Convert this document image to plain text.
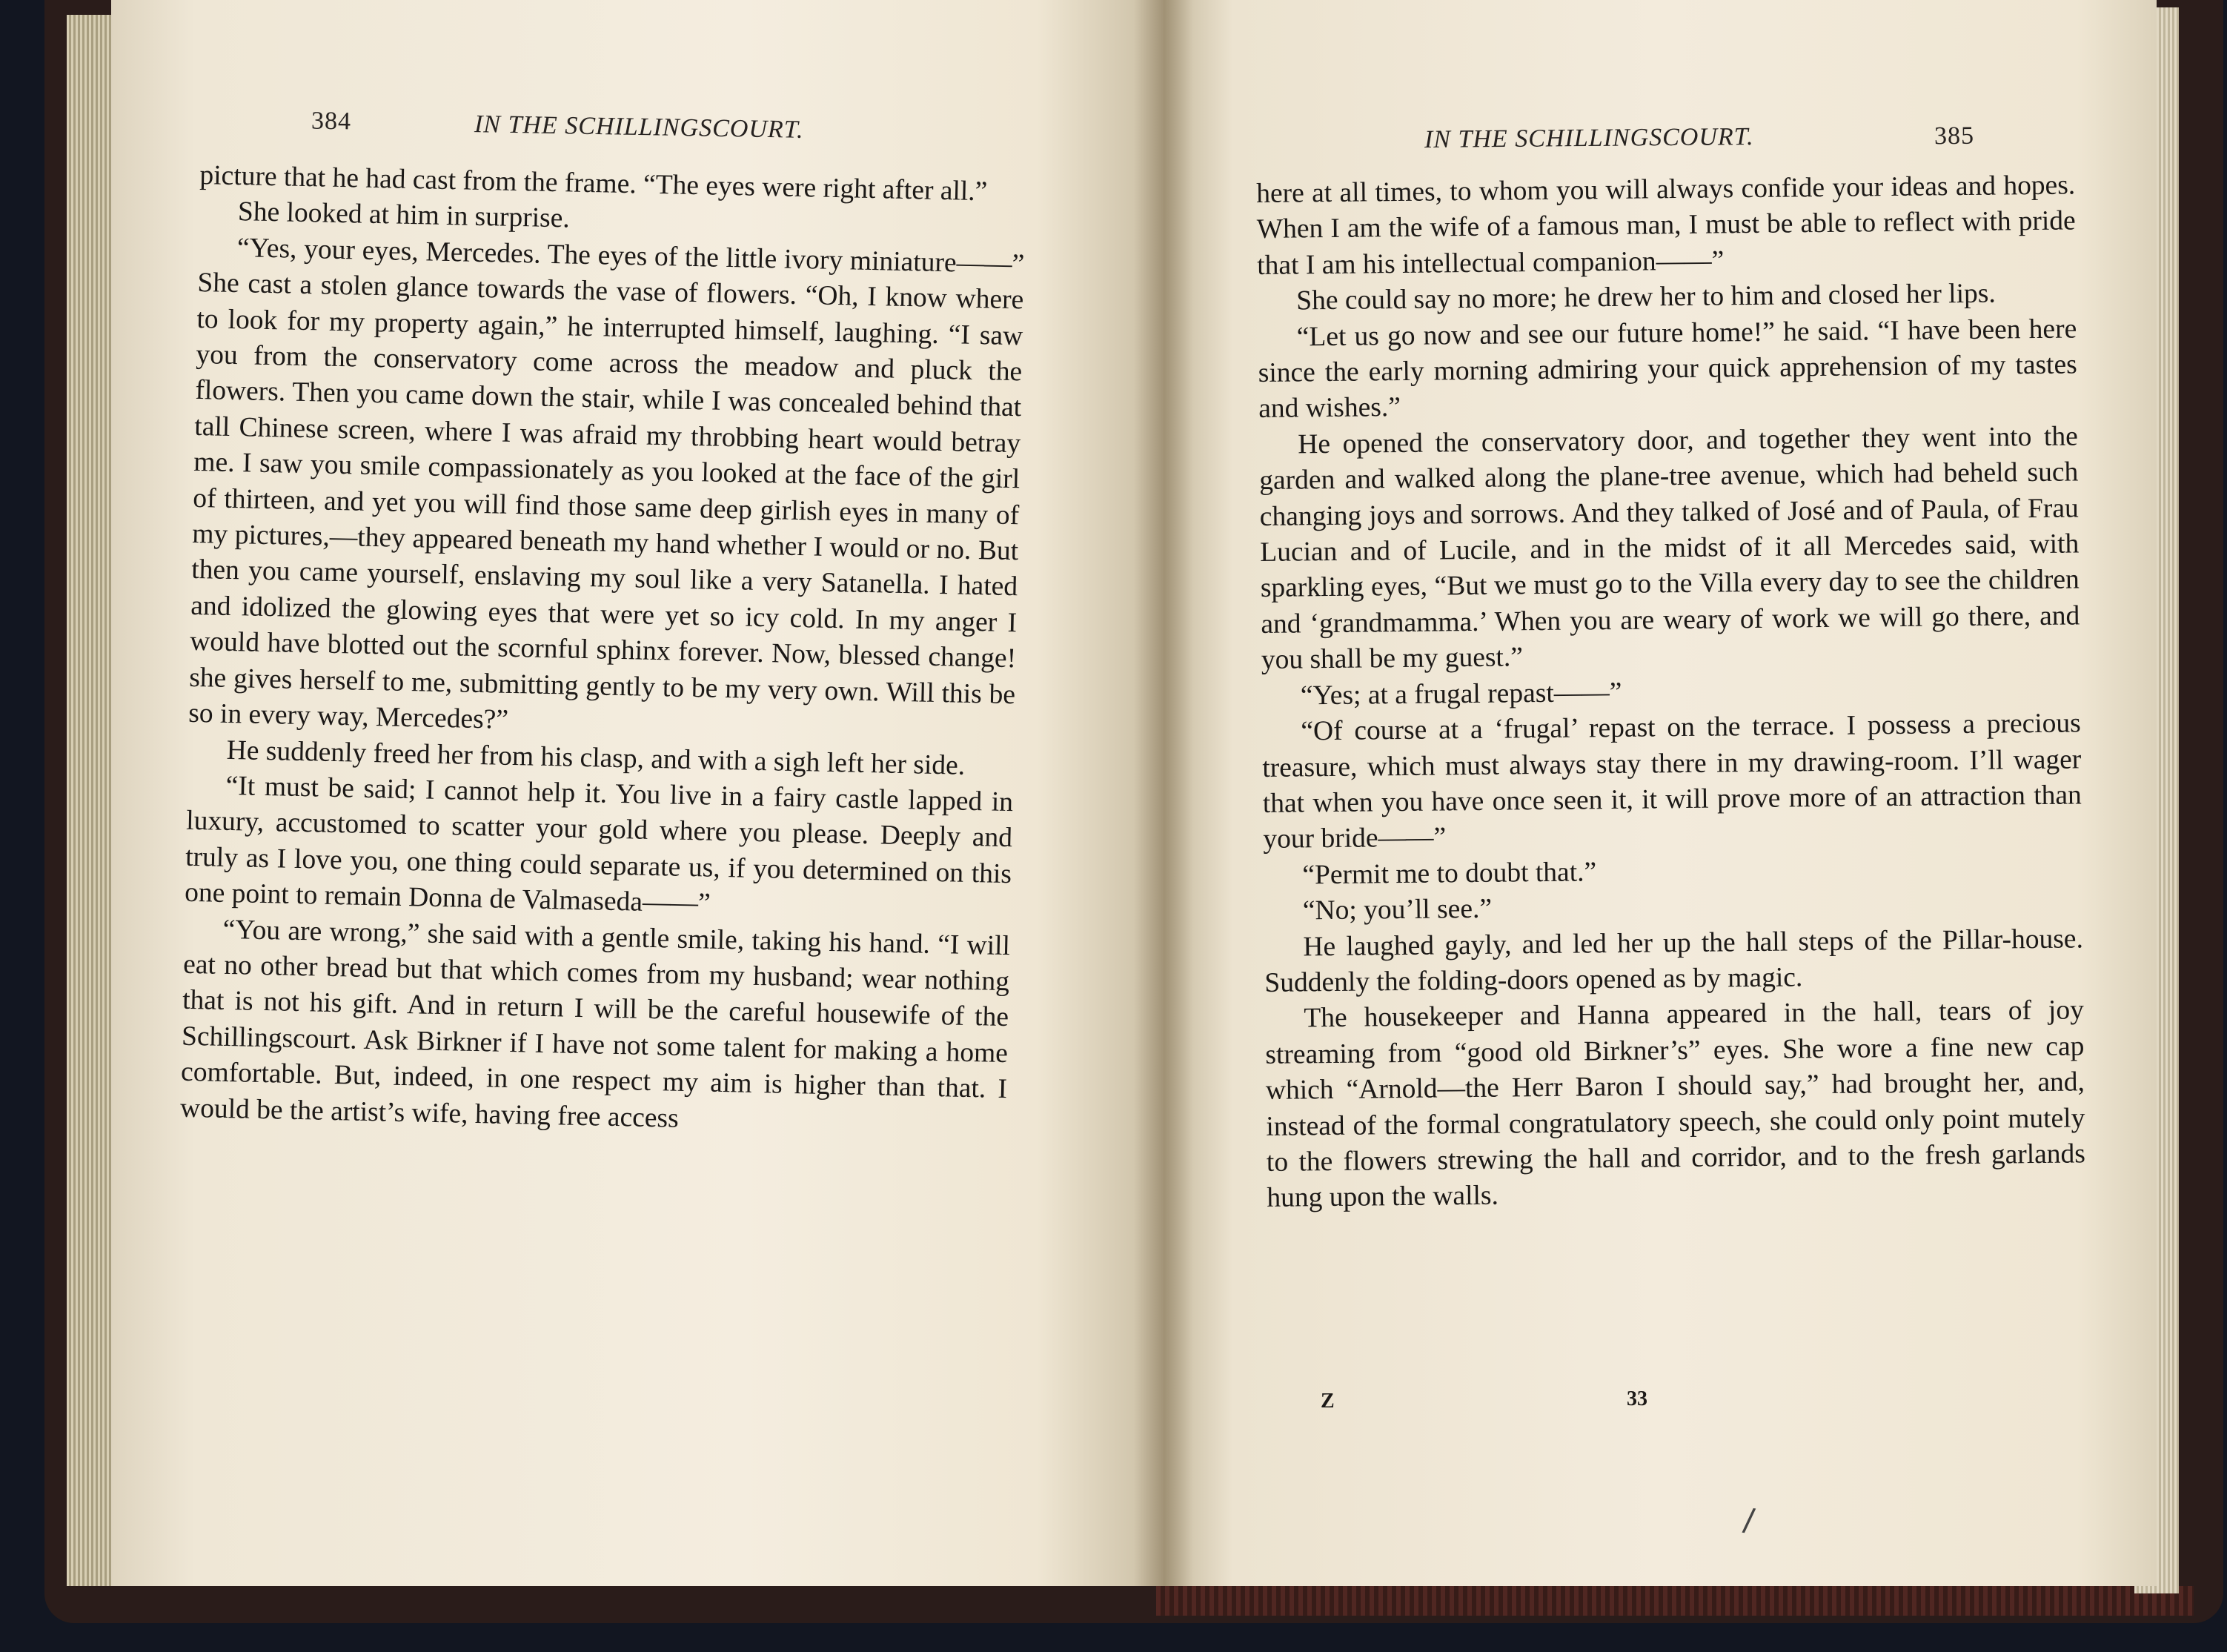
384	IN THE SCHILLINGSCOURT.	IN THE SCHILLINGSCOURT.	385

picture that he had cast from the frame. “The eyes were right after all.”

She looked at him in surprise.

“Yes, your eyes, Mercedes. The eyes of the little ivory miniature——” She cast a stolen glance towards the vase of flowers. “Oh, I know where to look for my property again,” he interrupted himself, laughing. “I saw you from the conservatory come across the meadow and pluck the flowers. Then you came down the stair, while I was concealed behind that tall Chinese screen, where I was afraid my throbbing heart would betray me. I saw you smile compassionately as you looked at the face of the girl of thirteen, and yet you will find those same deep girlish eyes in many of my pictures,—they appeared beneath my hand whether I would or no. But then you came yourself, enslaving my soul like a very Satanella. I hated and idolized the glowing eyes that were yet so icy cold. In my anger I would have blotted out the scornful sphinx forever. Now, blessed change! she gives herself to me, submitting gently to be my very own. Will this be so in every way, Mercedes?”

He suddenly freed her from his clasp, and with a sigh left her side.

“It must be said; I cannot help it. You live in a fairy castle lapped in luxury, accustomed to scatter your gold where you please. Deeply and truly as I love you, one thing could separate us, if you determined on this one point to remain Donna de Valmaseda——”

“You are wrong,” she said with a gentle smile, taking his hand. “I will eat no other bread but that which comes from my husband; wear nothing that is not his gift. And in return I will be the careful housewife of the Schillingscourt. Ask Birkner if I have not some talent for making a home comfortable. But, indeed, in one respect my aim is higher than that. I would be the artist’s wife, having free access

here at all times, to whom you will always confide your ideas and hopes. When I am the wife of a famous man, I must be able to reflect with pride that I am his intellectual companion——”

She could say no more; he drew her to him and closed her lips.

“Let us go now and see our future home!” he said. “I have been here since the early morning admiring your quick apprehension of my tastes and wishes.”

He opened the conservatory door, and together they went into the garden and walked along the plane-tree avenue, which had beheld such changing joys and sorrows. And they talked of José and of Paula, of Frau Lucian and of Lucile, and in the midst of it all Mercedes said, with sparkling eyes, “But we must go to the Villa every day to see the children and ‘grandmamma.’ When you are weary of work we will go there, and you shall be my guest.”

“Yes; at a frugal repast——”

“Of course at a ‘frugal’ repast on the terrace. I possess a precious treasure, which must always stay there in my drawing-room. I’ll wager that when you have once seen it, it will prove more of an attraction than your bride——”

“Permit me to doubt that.”

“No; you’ll see.”

He laughed gayly, and led her up the hall steps of the Pillar-house. Suddenly the folding-doors opened as by magic.

The housekeeper and Hanna appeared in the hall, tears of joy streaming from “good old Birkner’s” eyes. She wore a fine new cap which “Arnold—the Herr Baron I should say,” had brought her, and, instead of the formal congratulatory speech, she could only point mutely to the flowers strewing the hall and corridor, and to the fresh garlands hung upon the walls.

Z	33
/
